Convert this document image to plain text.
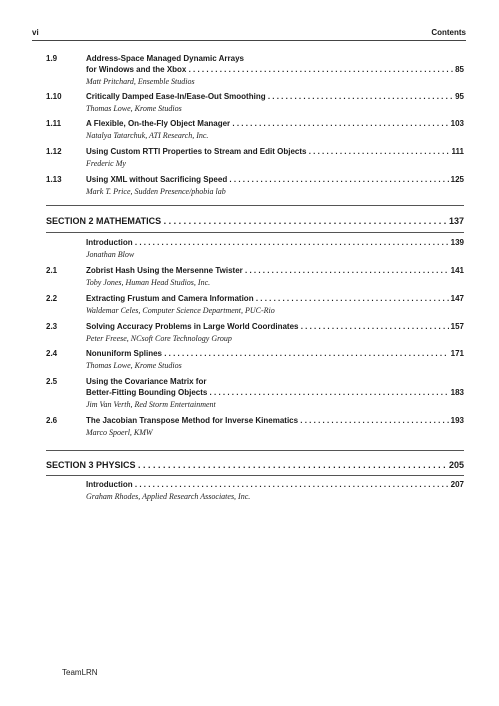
vi	Contents
1.9	Address-Space Managed Dynamic Arrays
for Windows and the Xbox . . .	85
Matt Pritchard, Ensemble Studios
1.10	Critically Damped Ease-In/Ease-Out Smoothing . . .	95
Thomas Lowe, Krome Studios
1.11	A Flexible, On-the-Fly Object Manager . . .	103
Natalya Tatarchuk, ATI Research, Inc.
1.12	Using Custom RTTI Properties to Stream and Edit Objects . . .	111
Frederic My
1.13	Using XML without Sacrificing Speed . . .	125
Mark T. Price, Sudden Presence/phobia lab
SECTION 2 MATHEMATICS . . .	137
Introduction . . .	139
Jonathan Blow
2.1	Zobrist Hash Using the Mersenne Twister . . .	141
Toby Jones, Human Head Studios, Inc.
2.2	Extracting Frustum and Camera Information . . .	147
Waldemar Celes, Computer Science Department, PUC-Rio
2.3	Solving Accuracy Problems in Large World Coordinates . . .	157
Peter Freese, NCsoft Core Technology Group
2.4	Nonuniform Splines . . .	171
Thomas Lowe, Krome Studios
2.5	Using the Covariance Matrix for
Better-Fitting Bounding Objects . . .	183
Jim Van Verth, Red Storm Entertainment
2.6	The Jacobian Transpose Method for Inverse Kinematics . . .	193
Marco Spoerl, KMW
SECTION 3 PHYSICS . . .	205
Introduction . . .	207
Graham Rhodes, Applied Research Associates, Inc.
TeamLRN
